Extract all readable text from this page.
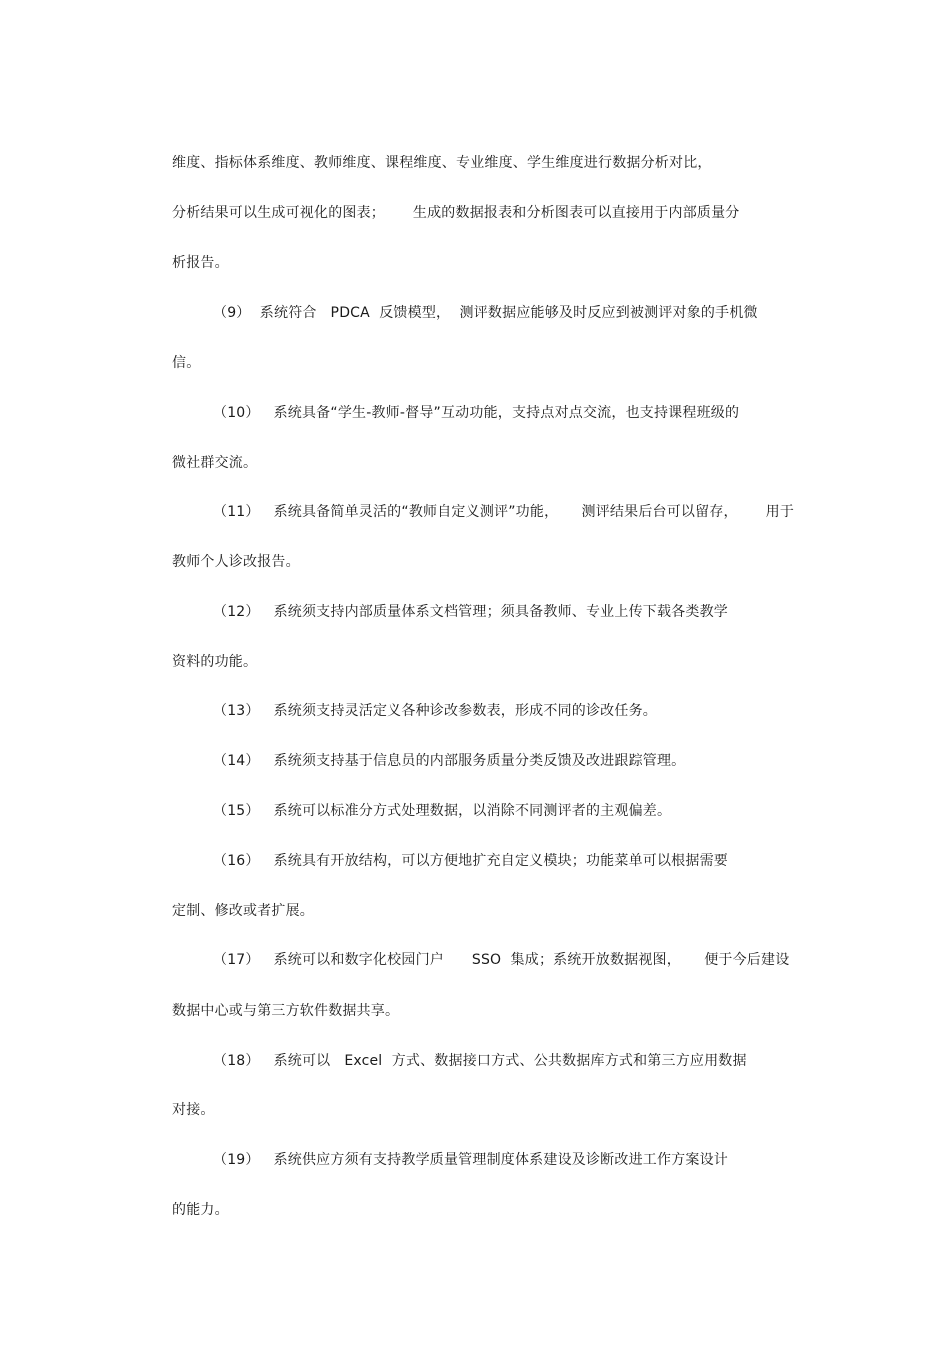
维度、指标体系维度、教师维度、课程维度、专业维度、学生维度进行数据分析对比，

分析结果可以生成可视化的图表；      生成的数据报表和分析图表可以直接用于内部质量分

析报告。

（9）  系统符合   PDCA  反馈模型，  测评数据应能够及时反应到被测评对象的手机微

信。

（10）   系统具备“学生-教师-督导”互动功能，支持点对点交流，也支持课程班级的

微社群交流。

（11）   系统具备简单灵活的“教师自定义测评”功能，     测评结果后台可以留存，      用于

教师个人诊改报告。

（12）   系统须支持内部质量体系文档管理；须具备教师、专业上传下载各类教学

资料的功能。

（13）   系统须支持灵活定义各种诊改参数表，形成不同的诊改任务。

（14）   系统须支持基于信息员的内部服务质量分类反馈及改进跟踪管理。

（15）   系统可以标准分方式处理数据，以消除不同测评者的主观偏差。

（16）   系统具有开放结构，可以方便地扩充自定义模块；功能菜单可以根据需要

定制、修改或者扩展。

（17）   系统可以和数字化校园门户      SSO  集成；系统开放数据视图，     便于今后建设

数据中心或与第三方软件数据共享。

（18）   系统可以   Excel  方式、数据接口方式、公共数据库方式和第三方应用数据

对接。

（19）   系统供应方须有支持教学质量管理制度体系建设及诊断改进工作方案设计

的能力。
